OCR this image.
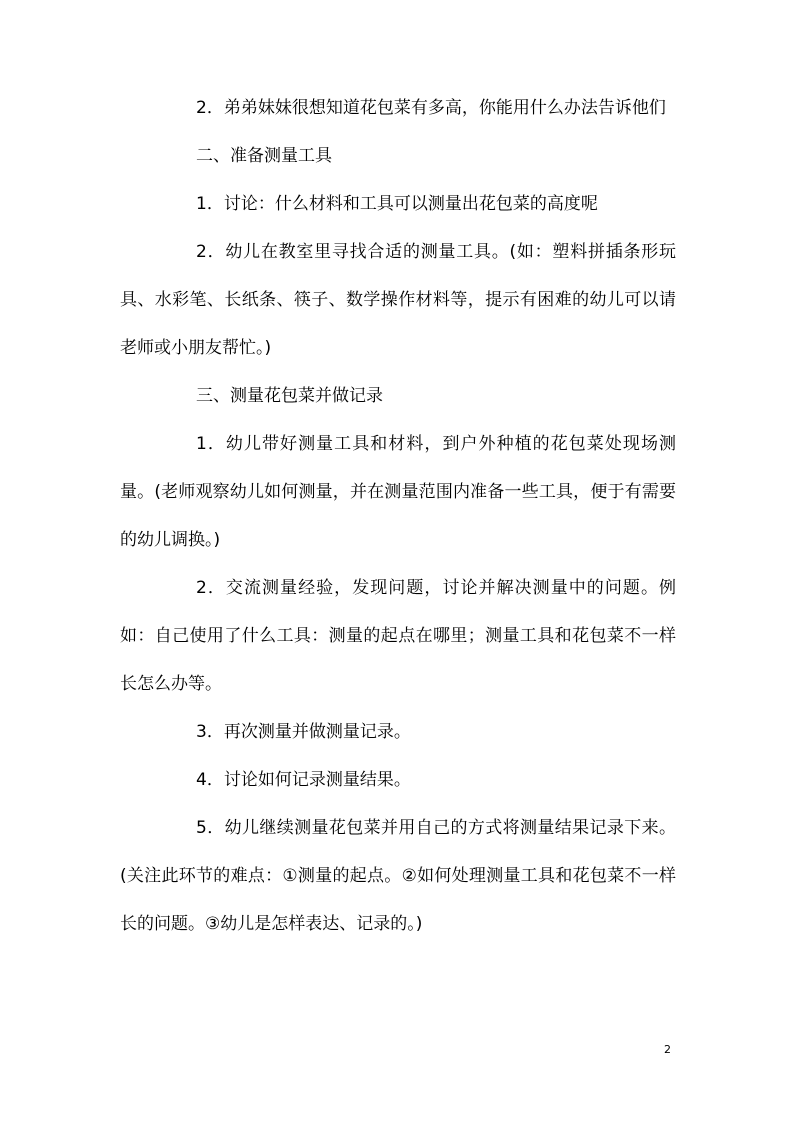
2．弟弟妹妹很想知道花包菜有多高，你能用什么办法告诉他们

二、准备测量工具

1．讨论：什么材料和工具可以测量出花包菜的高度呢

2．幼儿在教室里寻找合适的测量工具。(如：塑料拼插条形玩具、水彩笔、长纸条、筷子、数学操作材料等，提示有困难的幼儿可以请老师或小朋友帮忙。)

三、测量花包菜并做记录

1．幼儿带好测量工具和材料，到户外种植的花包菜处现场测量。(老师观察幼儿如何测量，并在测量范围内准备一些工具，便于有需要的幼儿调换。)

2．交流测量经验，发现问题，讨论并解决测量中的问题。例如：自己使用了什么工具：测量的起点在哪里；测量工具和花包菜不一样长怎么办等。

3．再次测量并做测量记录。

4．讨论如何记录测量结果。

5．幼儿继续测量花包菜并用自己的方式将测量结果记录下来。(关注此环节的难点：①测量的起点。②如何处理测量工具和花包菜不一样长的问题。③幼儿是怎样表达、记录的。)

2
